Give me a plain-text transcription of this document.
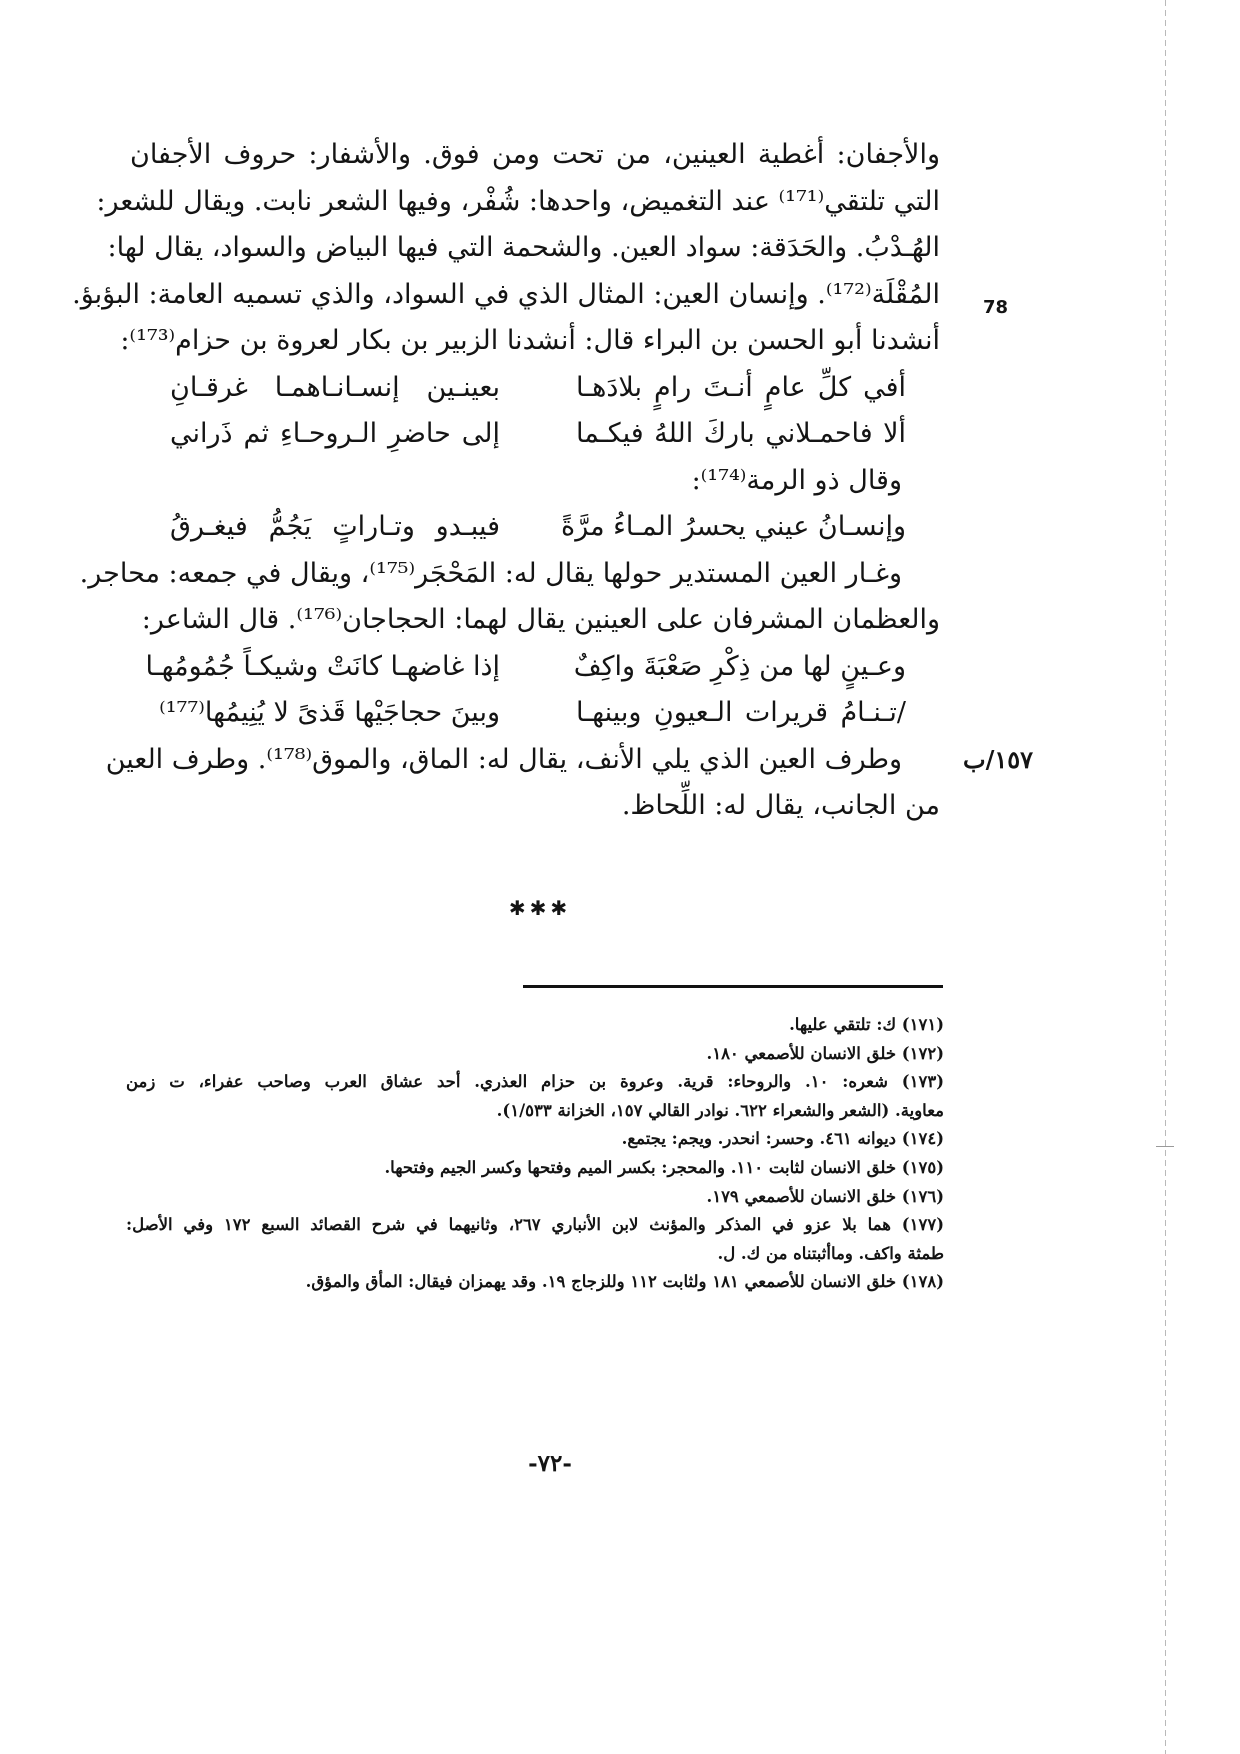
78
١٥٧/ب
والأجفان: أغطية العينين، من تحت ومن فوق. والأشفار: حروف الأجفان
التي تلتقي⁽¹⁷¹⁾ عند التغميض، واحدها: شُفْر، وفيها الشعر نابت. ويقال للشعر:
الهُـدْبُ. والحَدَقة: سواد العين. والشحمة التي فيها البياض والسواد، يقال لها:
المُقْلَة⁽¹⁷²⁾. وإنسان العين: المثال الذي في السواد، والذي تسميه العامة: البؤبؤ.
أنشدنا أبو الحسن بن البراء قال: أنشدنا الزبير بن بكار لعروة بن حزام⁽¹⁷³⁾:
أفي كلِّ عامٍ أنـتَ رامٍ بلادَهـا
بعينـين إنسـانـاهمـا غرقـانِ
ألا فاحمـلاني باركَ اللهُ فيكـما
إلى حاضرِ الـروحـاءِ ثم ذَراني
وقال ذو الرمة⁽¹⁷⁴⁾:
وإنسـانُ عيني يحسرُ المـاءُ مرَّةً
فيبـدو وتـاراتٍ يَجُمُّ فيغـرقُ
وغـار العين المستدير حولها يقال له: المَحْجَر⁽¹⁷⁵⁾، ويقال في جمعه: محاجر.
والعظمان المشرفان على العينين يقال لهما: الحجاجان⁽¹⁷⁶⁾. قال الشاعر:
وعـينٍ لها من ذِكْرِ صَعْبَةَ واكِفٌ
إذا غاضهـا كانَتْ وشيكـاً جُمُومُهـا
/تـنـامُ قريرات الـعيونِ وبينهـا
وبينَ حجاجَيْها قَذىً لا يُنِيمُها⁽¹⁷⁷⁾
وطرف العين الذي يلي الأنف، يقال له: الماق، والموق⁽¹⁷⁸⁾. وطرف العين
من الجانب، يقال له: اللِّحاظ.
✱✱✱
(١٧١) ك: تلتقي عليها.
(١٧٢) خلق الانسان للأصمعي ١٨٠.
(١٧٣) شعره: ١٠. والروحاء: قرية. وعروة بن حزام العذري. أحد عشاق العرب وصاحب عفراء، ت زمن
معاوية. (الشعر والشعراء ٦٢٢. نوادر القالي ١٥٧، الخزانة ١/٥٣٣).
(١٧٤) ديوانه ٤٦١. وحسر: انحدر. ويجم: يجتمع.
(١٧٥) خلق الانسان لثابت ١١٠. والمحجر: بكسر الميم وفتحها وكسر الجيم وفتحها.
(١٧٦) خلق الانسان للأصمعي ١٧٩.
(١٧٧) هما بلا عزو في المذكر والمؤنث لابن الأنباري ٢٦٧، وثانيهما في شرح القصائد السبع ١٧٢ وفي الأصل:
طمثة واكف. وماأثبتناه من ك. ل.
(١٧٨) خلق الانسان للأصمعي ١٨١ ولثابت ١١٢ وللزجاج ١٩. وقد يهمزان فيقال: المأق والمؤق.
-٧٢-
